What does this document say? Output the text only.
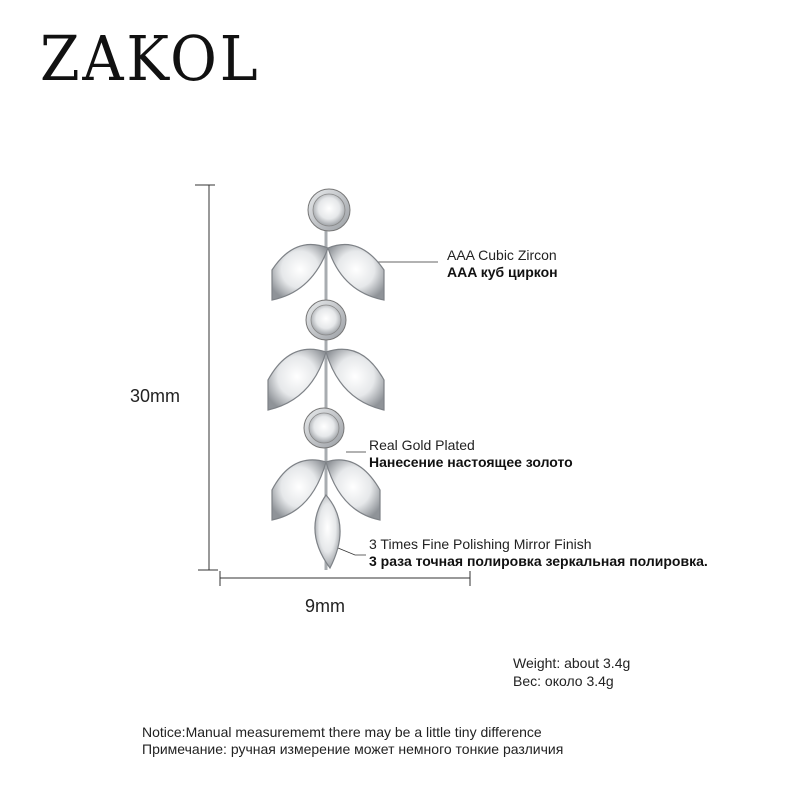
ZAKOL
30mm
9mm
AAA Cubic Zircon
AAA куб циркон
Real Gold Plated
Нанесение настоящее золото
3 Times Fine Polishing Mirror Finish
3 раза точная полировка зеркальная полировка.
Weight: about 3.4g
Вес: около 3.4g
Notice:Manual measurememt there may be a little tiny difference
Примечание: ручная измерение может немного тонкие различия
